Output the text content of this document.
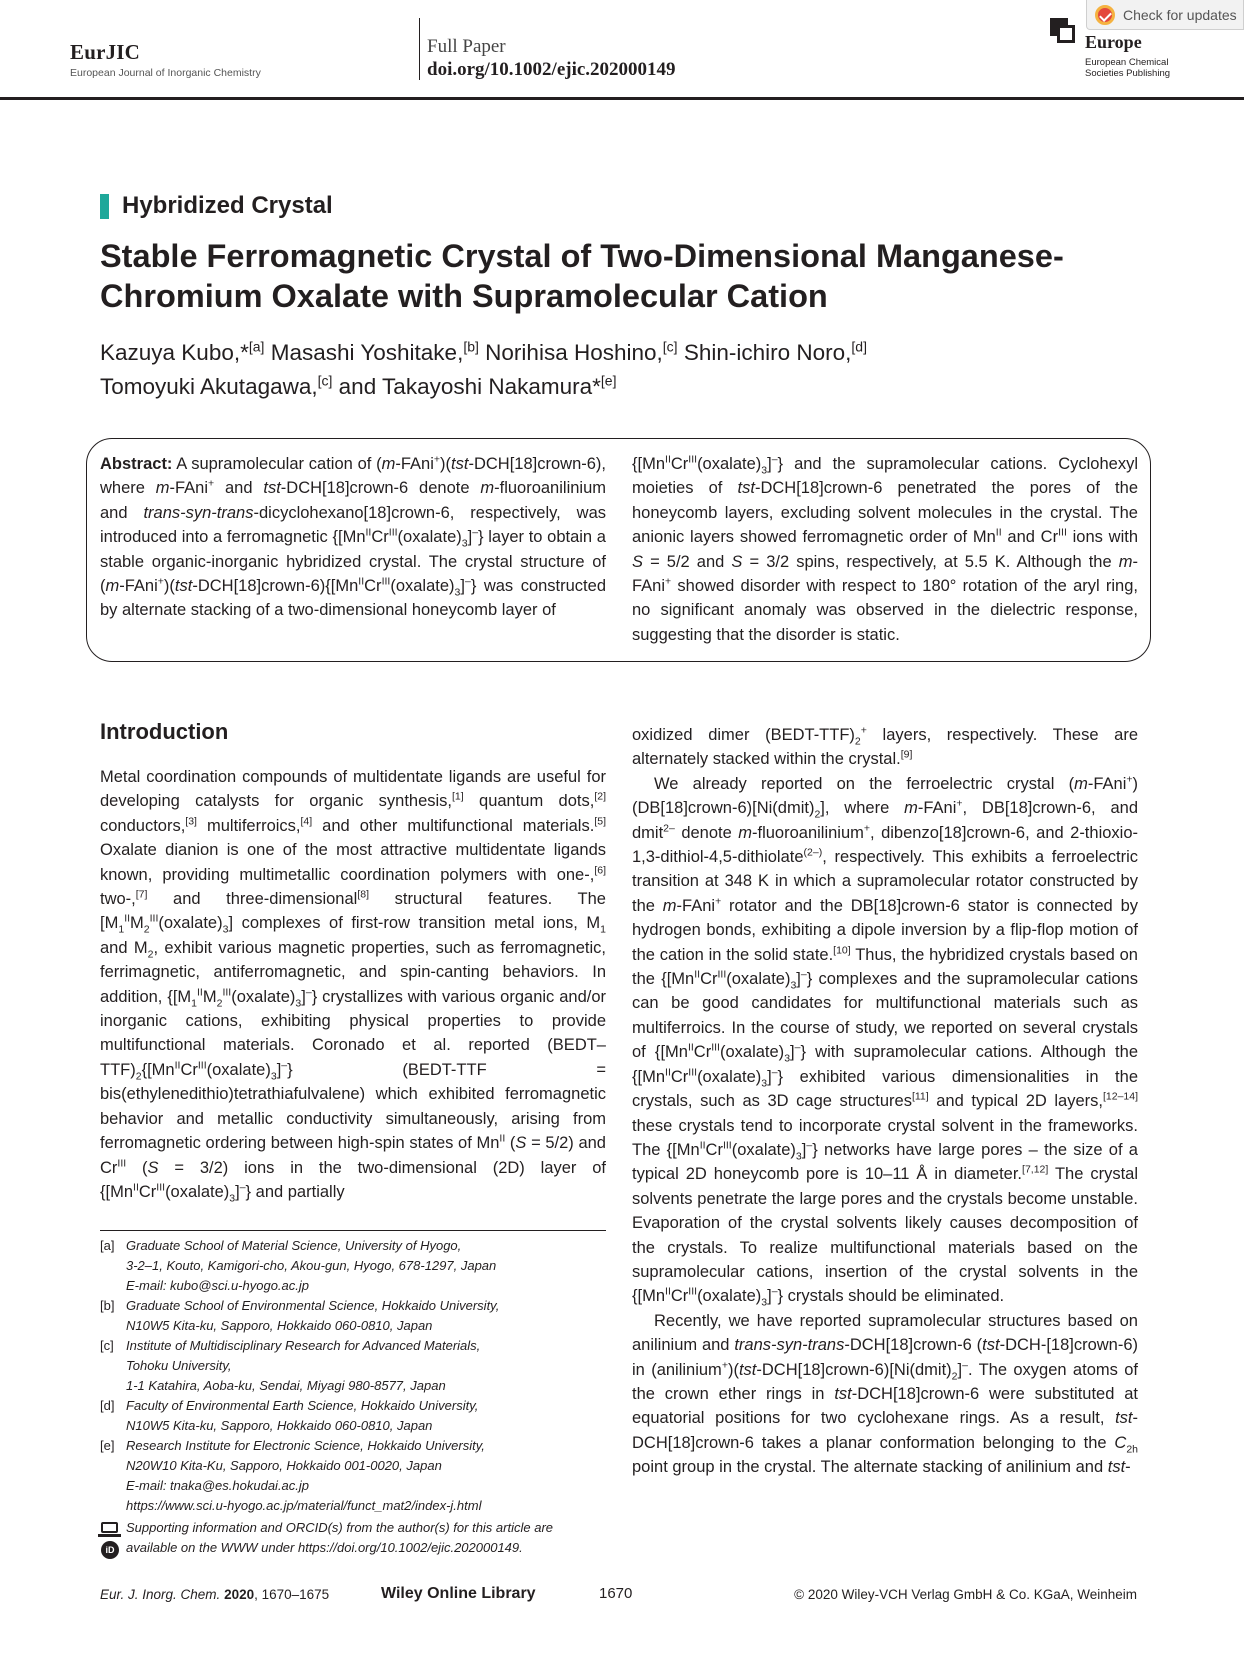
EurJIC
European Journal of Inorganic Chemistry
Full Paper
doi.org/10.1002/ejic.202000149
Europe
European Chemical
Societies Publishing
Check for updates
Hybridized Crystal
Stable Ferromagnetic Crystal of Two-Dimensional Manganese-
Chromium Oxalate with Supramolecular Cation
Kazuya Kubo,*[a] Masashi Yoshitake,[b] Norihisa Hoshino,[c] Shin-ichiro Noro,[d]
Tomoyuki Akutagawa,[c] and Takayoshi Nakamura*[e]
Abstract: A supramolecular cation of (m-FAni+)(tst-DCH[18]crown-6), where m-FAni+ and tst-DCH[18]crown-6 denote m-fluoroanilinium and trans-syn-trans-dicyclohexano[18]crown-6, respectively, was introduced into a ferromagnetic $\{[Mn^{II}Cr^{III}(oxalate)_3]^-\}$ layer to obtain a stable organic-inorganic hybridized crystal. The crystal structure of $(m-FAni^+)(tst-DCH[18]crown-6)\{[Mn^{II}Cr^{III}(oxalate)_3]^-\}$ was constructed by alternate stacking of a two-dimensional honeycomb layer of
$\{[Mn^{II}Cr^{III}(oxalate)_3]^-\}$ and the supramolecular cations. Cyclohexyl moieties of tst-DCH[18]crown-6 penetrated the pores of the honeycomb layers, excluding solvent molecules in the crystal. The anionic layers showed ferromagnetic order of $Mn^{II}$ and $Cr^{III}$ ions with S = 5/2 and S = 3/2 spins, respectively, at 5.5 K. Although the m-FAni+ showed disorder with respect to 180° rotation of the aryl ring, no significant anomaly was observed in the dielectric response, suggesting that the disorder is static.
Introduction

Metal coordination compounds of multidentate ligands are useful for developing catalysts for organic synthesis,[1] quantum dots,[2] conductors,[3] multiferroics,[4] and other multifunctional materials.[5] Oxalate dianion is one of the most attractive multidentate ligands known, providing multimetallic coordination polymers with one-,[6] two-,[7] and three-dimensional[8] structural features. The $[M_1^{II}M_2^{III}(oxalate)_3]$ complexes of first-row transition metal ions, $M_1$ and $M_2$, exhibit various magnetic properties, such as ferromagnetic, ferrimagnetic, antiferromagnetic, and spin-canting behaviors. In addition, $\{[M_1^{II}M_2^{III}(oxalate)_3]^-\}$ crystallizes with various organic and/or inorganic cations, exhibiting physical properties to provide multifunctional materials. Coronado et al. reported $(BEDT-TTF)_2\{[Mn^{II}Cr^{III}(oxalate)_3]^-\}$ (BEDT-TTF = bis(ethylenedithio)tetrathiafulvalene) which exhibited ferromagnetic behavior and metallic conductivity simultaneously, arising from ferromagnetic ordering between high-spin states of $Mn^{II}$ (S = 5/2) and $Cr^{III}$ (S = 3/2) ions in the two-dimensional (2D) layer of $\{[Mn^{II}Cr^{III}(oxalate)_3]^-\}$ and partially

oxidized dimer $(BEDT-TTF)_2^+$ layers, respectively. These are alternately stacked within the crystal.[9]

We already reported on the ferroelectric crystal $(m-FAni^+)(DB[18]crown-6)[Ni(dmit)_2]$, where m-FAni+, DB[18]crown-6, and dmit$^{2-}$ denote m-fluoroanilinium+, dibenzo[18]crown-6, and 2-thioxio-1,3-dithiol-4,5-dithiolate$^{(2-)}$, respectively. This exhibits a ferroelectric transition at 348 K in which a supramolecular rotator constructed by the m-FAni+ rotator and the DB[18]crown-6 stator is connected by hydrogen bonds, exhibiting a dipole inversion by a flip-flop motion of the cation in the solid state.[10] Thus, the hybridized crystals based on the $\{[Mn^{II}Cr^{III}(oxalate)_3]^-\}$ complexes and the supramolecular cations can be good candidates for multifunctional materials such as multiferroics. In the course of study, we reported on several crystals of $\{[Mn^{II}Cr^{III}(oxalate)_3]^-\}$ with supramolecular cations. Although the $\{[Mn^{II}Cr^{III}(oxalate)_3]^-\}$ exhibited various dimensionalities in the crystals, such as 3D cage structures[11] and typical 2D layers,[12–14] these crystals tend to incorporate crystal solvent in the frameworks. The $\{[Mn^{II}Cr^{III}(oxalate)_3]^-\}$ networks have large pores – the size of a typical 2D honeycomb pore is 10–11 Å in diameter.[7,12] The crystal solvents penetrate the large pores and the crystals become unstable. Evaporation of the crystal solvents likely causes decomposition of the crystals. To realize multifunctional materials based on the supramolecular cations, insertion of the crystal solvents in the $\{[Mn^{II}Cr^{III}(oxalate)_3]^-\}$ crystals should be eliminated.

Recently, we have reported supramolecular structures based on anilinium and trans-syn-trans-DCH[18]crown-6 (tst-DCH-[18]crown-6) in $(anilinium^+)(tst-DCH[18]crown-6)[Ni(dmit)_2]^-$. The oxygen atoms of the crown ether rings in tst-DCH[18]crown-6 were substituted at equatorial positions for two cyclohexane rings. As a result, tst-DCH[18]crown-6 takes a planar conformation belonging to the $C_{2h}$ point group in the crystal. The alternate stacking of anilinium and tst-

[a] Graduate School of Material Science, University of Hyogo,
3-2–1, Kouto, Kamigori-cho, Akou-gun, Hyogo, 678-1297, Japan
E-mail: kubo@sci.u-hyogo.ac.jp
[b] Graduate School of Environmental Science, Hokkaido University,
N10W5 Kita-ku, Sapporo, Hokkaido 060-0810, Japan
[c] Institute of Multidisciplinary Research for Advanced Materials,
Tohoku University,
1-1 Katahira, Aoba-ku, Sendai, Miyagi 980-8577, Japan
[d] Faculty of Environmental Earth Science, Hokkaido University,
N10W5 Kita-ku, Sapporo, Hokkaido 060-0810, Japan
[e] Research Institute for Electronic Science, Hokkaido University,
N20W10 Kita-Ku, Sapporo, Hokkaido 001-0020, Japan
E-mail: tnaka@es.hokudai.ac.jp
https://www.sci.u-hyogo.ac.jp/material/funct_mat2/index-j.html
iD
Supporting information and ORCID(s) from the author(s) for this article are
available on the WWW under https://doi.org/10.1002/ejic.202000149.
Eur. J. Inorg. Chem. 2020, 1670–1675	Wiley Online Library	1670	© 2020 Wiley-VCH Verlag GmbH & Co. KGaA, Weinheim
